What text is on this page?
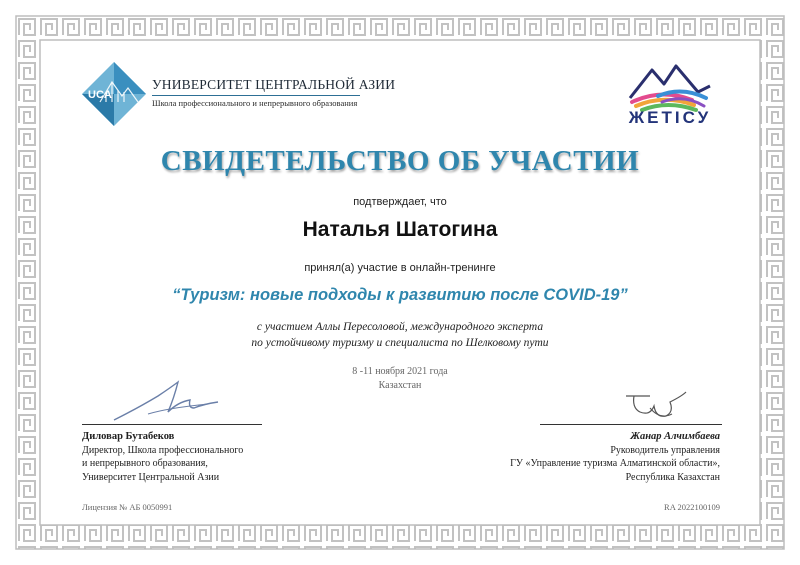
UCA
УНИВЕРСИТЕТ ЦЕНТРАЛЬНОЙ АЗИИ
Школа профессионального и непрерывного образования
ЖЕТІСУ
СВИДЕТЕЛЬСТВО ОБ УЧАСТИИ
подтверждает, что
Наталья Шатогина
принял(а) участие в онлайн-тренинге
“Туризм: новые подходы к развитию после COVID-19”
с участием Аллы Пересоловой, международного эксперта
по устойчивому туризму и специалиста по Шелковому пути
8 -11 ноября 2021 года
Казахстан
Диловар Бутабеков
Директор, Школа профессионального
и непрерывного образования,
Университет Центральной Азии
Жанар Алчимбаева
Руководитель управления
ГУ «Управление туризма Алматинской области»,
Республика Казахстан
Лицензия № АБ 0050991	RA 2022100109
